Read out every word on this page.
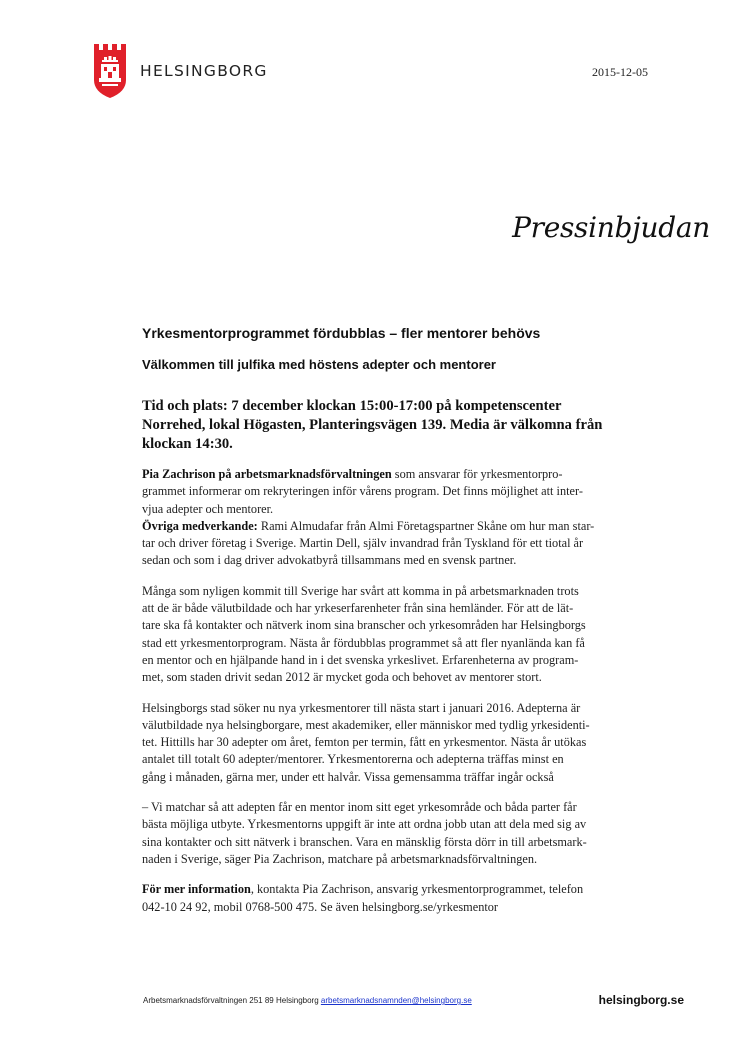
HELSINGBORG	2015-12-05
Pressinbjudan
Yrkesmentorprogrammet fördubblas – fler mentorer behövs
Välkommen till julfika med höstens adepter och mentorer
Tid och plats: 7 december klockan 15:00-17:00 på kompetenscenter
Norrehed, lokal Högasten, Planteringsvägen 139. Media är välkomna från
klockan 14:30.

Pia Zachrison på arbetsmarknadsförvaltningen som ansvarar för yrkesmentorpro-
grammet informerar om rekryteringen inför vårens program. Det finns möjlighet att inter-
vjua adepter och mentorer.
Övriga medverkande: Rami Almudafar från Almi Företagspartner Skåne om hur man star-
tar och driver företag i Sverige. Martin Dell, själv invandrad från Tyskland för ett tiotal år
sedan och som i dag driver advokatbyrå tillsammans med en svensk partner.

Många som nyligen kommit till Sverige har svårt att komma in på arbetsmarknaden trots
att de är både välutbildade och har yrkeserfarenheter från sina hemländer. För att de lät-
tare ska få kontakter och nätverk inom sina branscher och yrkesområden har Helsingborgs
stad ett yrkesmentorprogram. Nästa år fördubblas programmet så att fler nyanlända kan få
en mentor och en hjälpande hand in i det svenska yrkeslivet. Erfarenheterna av program-
met, som staden drivit sedan 2012 är mycket goda och behovet av mentorer stort.

Helsingborgs stad söker nu nya yrkesmentorer till nästa start i januari 2016. Adepterna är
välutbildade nya helsingborgare, mest akademiker, eller människor med tydlig yrkesidenti-
tet. Hittills har 30 adepter om året, femton per termin, fått en yrkesmentor. Nästa år utökas
antalet till totalt 60 adepter/mentorer. Yrkesmentorerna och adepterna träffas minst en
gång i månaden, gärna mer, under ett halvår. Vissa gemensamma träffar ingår också

– Vi matchar så att adepten får en mentor inom sitt eget yrkesområde och båda parter får
bästa möjliga utbyte. Yrkesmentorns uppgift är inte att ordna jobb utan att dela med sig av
sina kontakter och sitt nätverk i branschen. Vara en mänsklig första dörr in till arbetsmark-
naden i Sverige, säger Pia Zachrison, matchare på arbetsmarknadsförvaltningen.

För mer information, kontakta Pia Zachrison, ansvarig yrkesmentorprogrammet, telefon
042-10 24 92, mobil 0768-500 475. Se även helsingborg.se/yrkesmentor

Arbetsmarknadsförvaltningen 251 89 Helsingborg arbetsmarknadsnamnden@helsingborg.se	helsingborg.se
